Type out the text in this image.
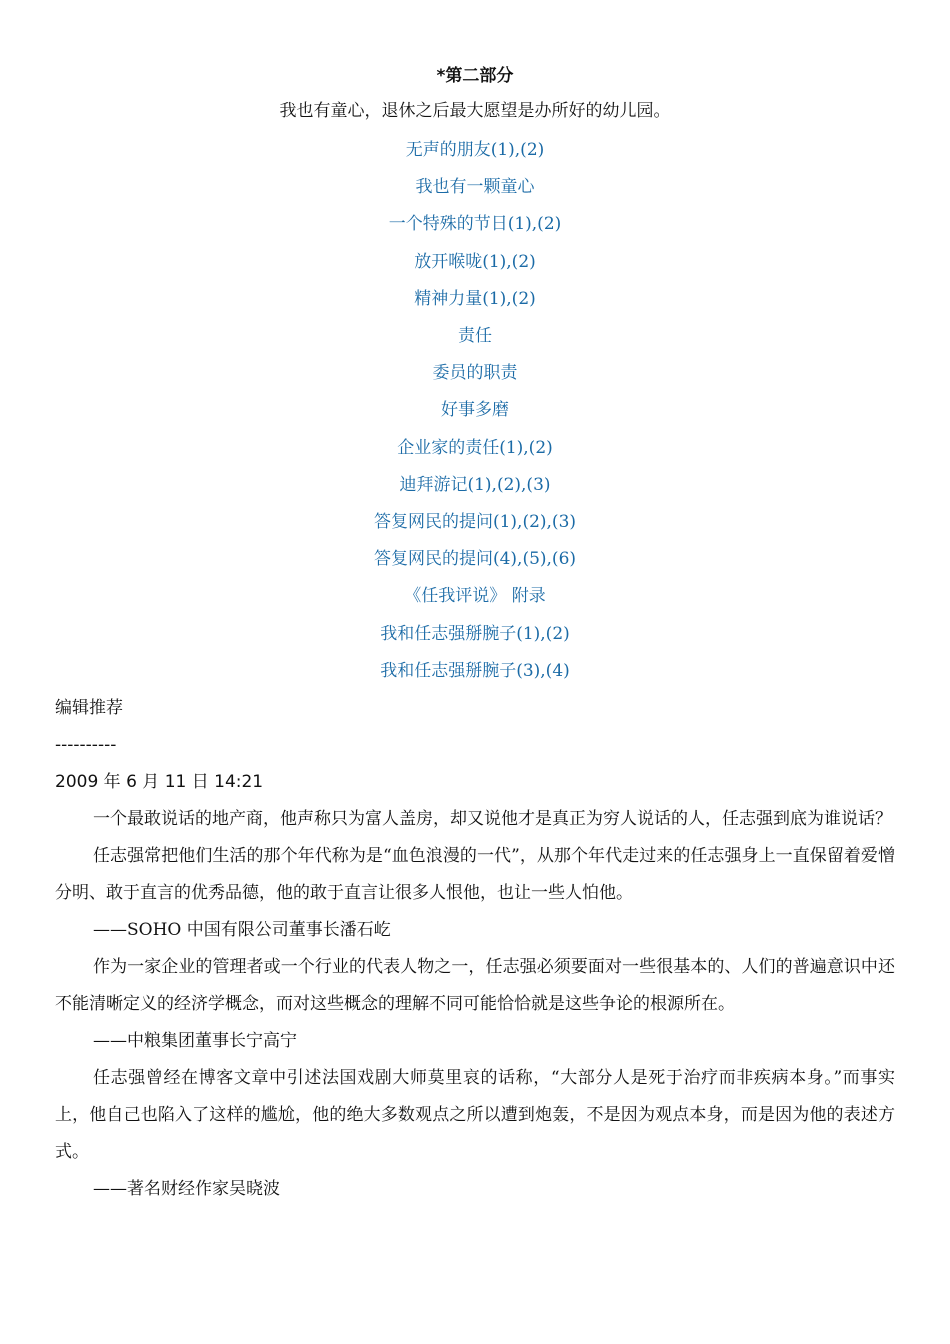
*第二部分

我也有童心，退休之后最大愿望是办所好的幼儿园。

无声的朋友(1),(2)
我也有一颗童心
一个特殊的节日(1),(2)
放开喉咙(1),(2)
精神力量(1),(2)
责任
委员的职责
好事多磨
企业家的责任(1),(2)
迪拜游记(1),(2),(3)
答复网民的提问(1),(2),(3)
答复网民的提问(4),(5),(6)
《任我评说》 附录
我和任志强掰腕子(1),(2)
我和任志强掰腕子(3),(4)

编辑推荐

----------

2009 年 6 月 11 日 14:21

一个最敢说话的地产商，他声称只为富人盖房，却又说他才是真正为穷人说话的人，任志强到底为谁说话？

任志强常把他们生活的那个年代称为是“血色浪漫的一代”，从那个年代走过来的任志强身上一直保留着爱憎分明、敢于直言的优秀品德，他的敢于直言让很多人恨他，也让一些人怕他。

——SOHO 中国有限公司董事长潘石屹

作为一家企业的管理者或一个行业的代表人物之一，任志强必须要面对一些很基本的、人们的普遍意识中还不能清晰定义的经济学概念，而对这些概念的理解不同可能恰恰就是这些争论的根源所在。

——中粮集团董事长宁高宁

任志强曾经在博客文章中引述法国戏剧大师莫里哀的话称，“大部分人是死于治疗而非疾病本身。”而事实上，他自己也陷入了这样的尴尬，他的绝大多数观点之所以遭到炮轰，不是因为观点本身，而是因为他的表述方式。

——著名财经作家吴晓波
